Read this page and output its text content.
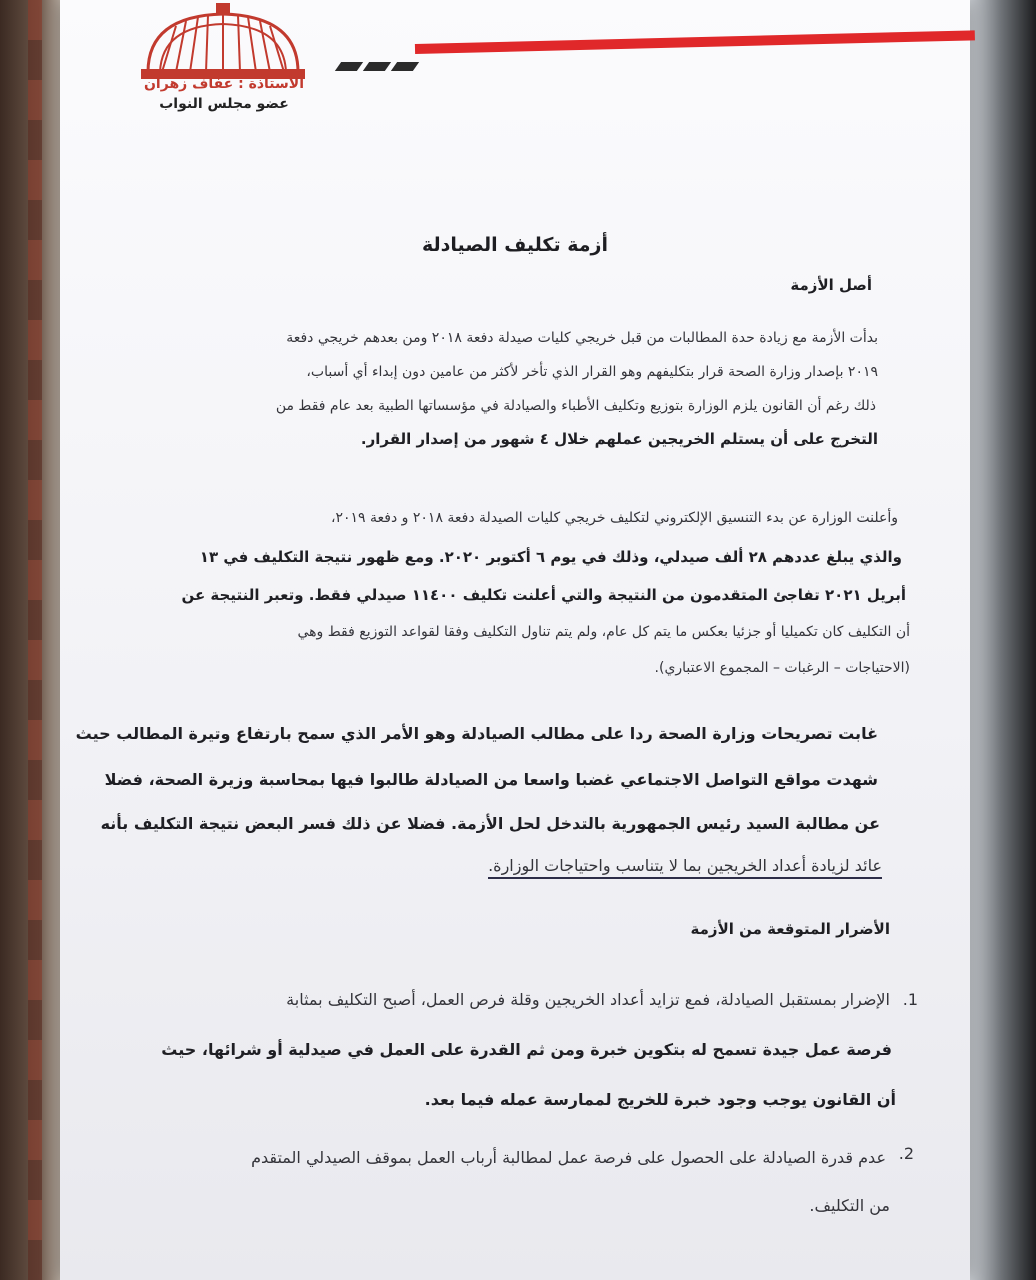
الأستاذة : عفاف زهران
عضو مجلس النواب
أزمة تكليف الصيادلة
أصل الأزمة
بدأت الأزمة مع زيادة حدة المطالبات من قبل خريجي كليات صيدلة دفعة ٢٠١٨ ومن بعدهم خريجي دفعة
٢٠١٩ بإصدار وزارة الصحة قرار بتكليفهم وهو القرار الذي تأخر لأكثر من عامين دون إبداء أي أسباب،
ذلك رغم أن القانون يلزم الوزارة بتوزيع وتكليف الأطباء والصيادلة في مؤسساتها الطبية بعد عام فقط من
التخرج على أن يستلم الخريجين عملهم خلال ٤ شهور من إصدار القرار.
وأعلنت الوزارة عن بدء التنسيق الإلكتروني لتكليف خريجي كليات الصيدلة دفعة ٢٠١٨ و دفعة ٢٠١٩،
والذي يبلغ عددهم ٢٨ ألف صيدلي، وذلك في يوم ٦ أكتوبر ٢٠٢٠. ومع ظهور نتيجة التكليف في ١٣
أبريل ٢٠٢١ تفاجئ المتقدمون من النتيجة والتي أعلنت تكليف ١١٤٠٠ صيدلي فقط. وتعبر النتيجة عن
أن التكليف كان تكميليا أو جزئيا بعكس ما يتم كل عام، ولم يتم تناول التكليف وفقا لقواعد التوزيع فقط وهي
(الاحتياجات – الرغبات – المجموع الاعتباري).
غابت تصريحات وزارة الصحة ردا على مطالب الصيادلة وهو الأمر الذي سمح بارتفاع وتيرة المطالب حيث
شهدت مواقع التواصل الاجتماعي غضبا واسعا من الصيادلة طالبوا فيها بمحاسبة وزيرة الصحة، فضلا
عن مطالبة السيد رئيس الجمهورية بالتدخل لحل الأزمة. فضلا عن ذلك فسر البعض نتيجة التكليف بأنه
عائد لزيادة أعداد الخريجين بما لا يتناسب واحتياجات الوزارة.
الأضرار المتوقعة من الأزمة
1.
الإضرار بمستقبل الصيادلة، فمع تزايد أعداد الخريجين وقلة فرص العمل، أصبح التكليف بمثابة
فرصة عمل جيدة تسمح له بتكوين خبرة ومن ثم القدرة على العمل في صيدلية أو شرائها، حيث
أن القانون يوجب وجود خبرة للخريج لممارسة عمله فيما بعد.
2.
عدم قدرة الصيادلة على الحصول على فرصة عمل لمطالبة أرباب العمل بموقف الصيدلي المتقدم
من التكليف.
